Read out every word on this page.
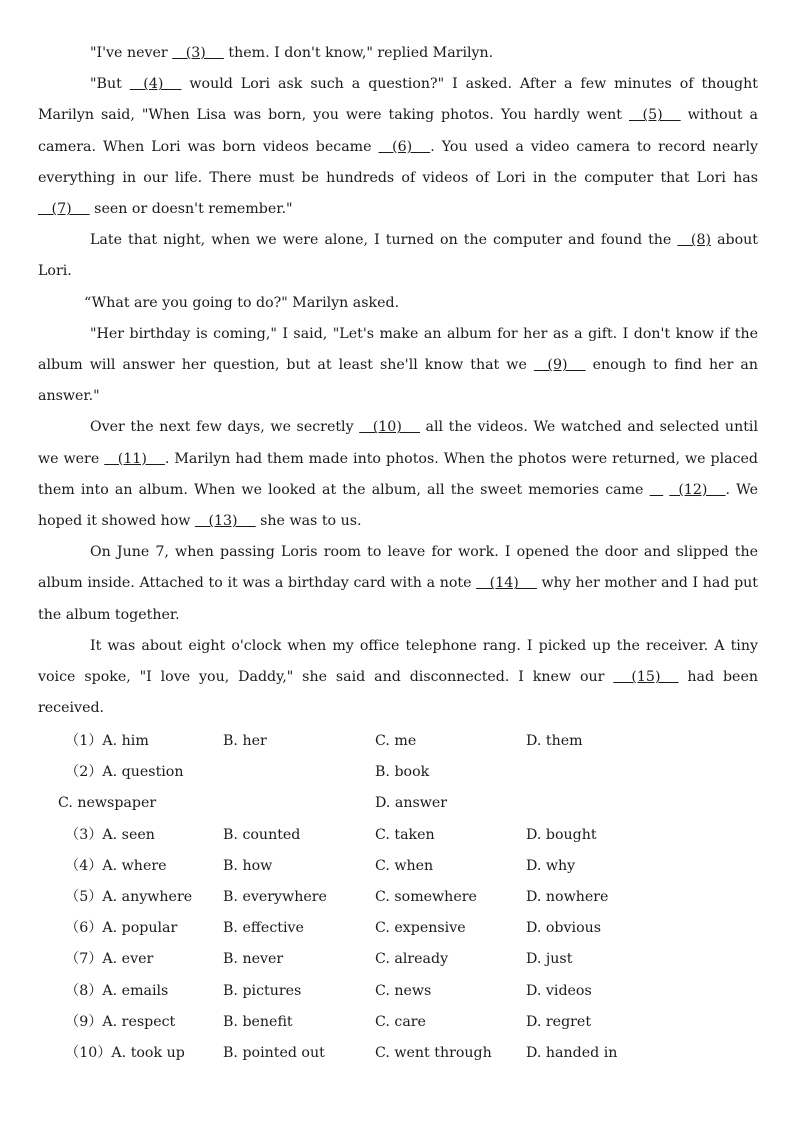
"I've never    (3)     them. I don't know," replied Marilyn.

"But    (4)     would Lori ask such a question?" I asked. After a few minutes of thought Marilyn said, "When Lisa was born, you were taking photos. You hardly went    (5)     without a camera. When Lori was born videos became    (6)    . You used a video camera to record nearly everything in our life. There must be hundreds of videos of Lori in the computer that Lori has    (7)     seen or doesn't remember."

Late that night, when we were alone, I turned on the computer and found the    (8) about Lori.

“What are you going to do?" Marilyn asked.

"Her birthday is coming," I said, "Let's make an album for her as a gift. I don't know if the album will answer her question, but at least she'll know that we    (9)     enough to find her an answer."

Over the next few days, we secretly    (10)     all the videos. We watched and selected until we were    (11)    . Marilyn had them made into photos. When the photos were returned, we placed them into an album. When we looked at the album, all the sweet memories came       (12)    . We hoped it showed how    (13)     she was to us.

On June 7, when passing Loris room to leave for work. I opened the door and slipped the album inside. Attached to it was a birthday card with a note    (14)     why her mother and I had put the album together.

It was about eight o'clock when my office telephone rang. I picked up the receiver. A tiny voice spoke, "I love you, Daddy," she said and disconnected. I knew our     (15)     had been received.

（1）A. him	B. her	C. me	D. them
（2）A. question	B. book
C. newspaper	D. answer
（3）A. seen	B. counted	C. taken	D. bought
（4）A. where	B. how	C. when	D. why
（5）A. anywhere B. everywhere	C. somewhere	D. nowhere
（6）A. popular	B. effective	C. expensive	D. obvious
（7）A. ever	B. never	C. already	D. just
（8）A. emails	B. pictures	C. news	D. videos
（9）A. respect	B. benefit	C. care	D. regret
（10）A. took up	B. pointed out	C. went through D. handed in
